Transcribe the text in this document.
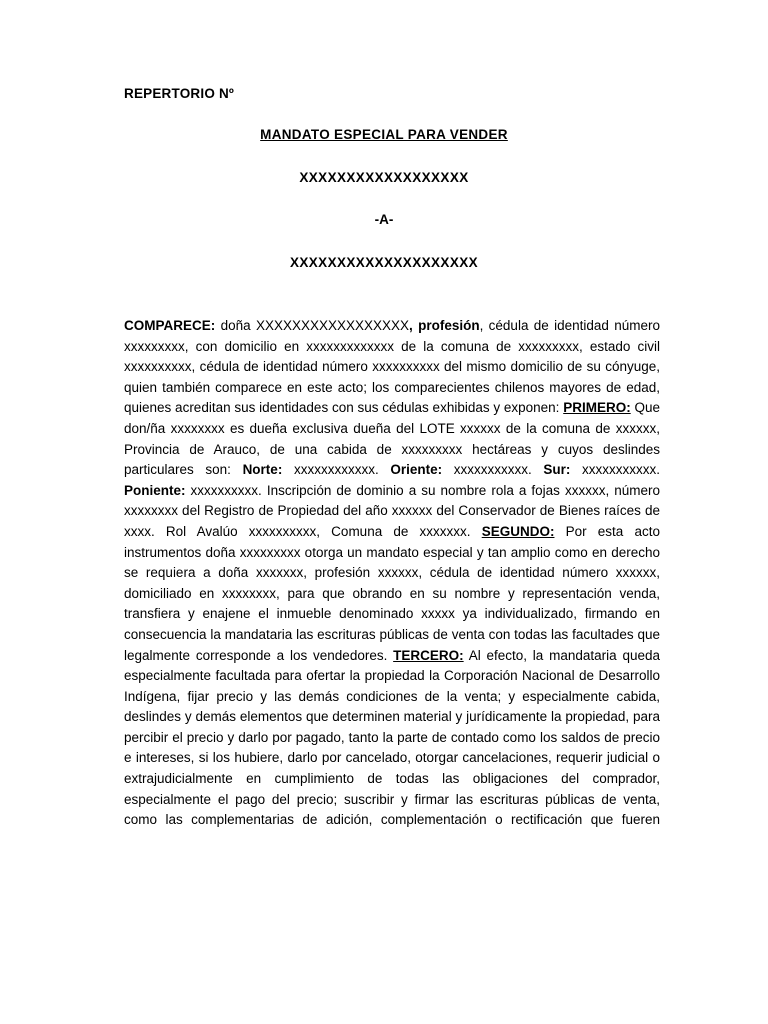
REPERTORIO Nº
MANDATO ESPECIAL PARA VENDER
XXXXXXXXXXXXXXXXXX
-A-
XXXXXXXXXXXXXXXXXXXX

COMPARECE: doña XXXXXXXXXXXXXXXXX, profesión, cédula de identidad número xxxxxxxxx, con domicilio en xxxxxxxxxxxxx de la comuna de xxxxxxxxx, estado civil xxxxxxxxxx, cédula de identidad número xxxxxxxxxx del mismo domicilio de su cónyuge, quien también comparece en este acto; los comparecientes chilenos mayores de edad, quienes acreditan sus identidades con sus cédulas exhibidas y exponen: PRIMERO: Que don/ña xxxxxxxx es dueña exclusiva dueña del LOTE xxxxxx de la comuna de xxxxxx, Provincia de Arauco, de una cabida de xxxxxxxxx hectáreas y cuyos deslindes particulares son: Norte: xxxxxxxxxxxx. Oriente: xxxxxxxxxxx. Sur: xxxxxxxxxxx. Poniente: xxxxxxxxxx. Inscripción de dominio a su nombre rola a fojas xxxxxx, número xxxxxxxx del Registro de Propiedad del año xxxxxx del Conservador de Bienes raíces de xxxx. Rol Avalúo xxxxxxxxxx, Comuna de xxxxxxx. SEGUNDO: Por esta acto instrumentos doña xxxxxxxxx otorga un mandato especial y tan amplio como en derecho se requiera a doña xxxxxxx, profesión xxxxxx, cédula de identidad número xxxxxx, domiciliado en xxxxxxxx, para que obrando en su nombre y representación venda, transfiera y enajene el inmueble denominado xxxxx ya individualizado, firmando en consecuencia la mandataria las escrituras públicas de venta con todas las facultades que legalmente corresponde a los vendedores. TERCERO: Al efecto, la mandataria queda especialmente facultada para ofertar la propiedad la Corporación Nacional de Desarrollo Indígena, fijar precio y las demás condiciones de la venta; y especialmente cabida, deslindes y demás elementos que determinen material y jurídicamente la propiedad, para percibir el precio y darlo por pagado, tanto la parte de contado como los saldos de precio e intereses, si los hubiere, darlo por cancelado, otorgar cancelaciones, requerir judicial o extrajudicialmente en cumplimiento de todas las obligaciones del comprador, especialmente el pago del precio; suscribir y firmar las escrituras públicas de venta, como las complementarias de adición, complementación o rectificación que fueren
